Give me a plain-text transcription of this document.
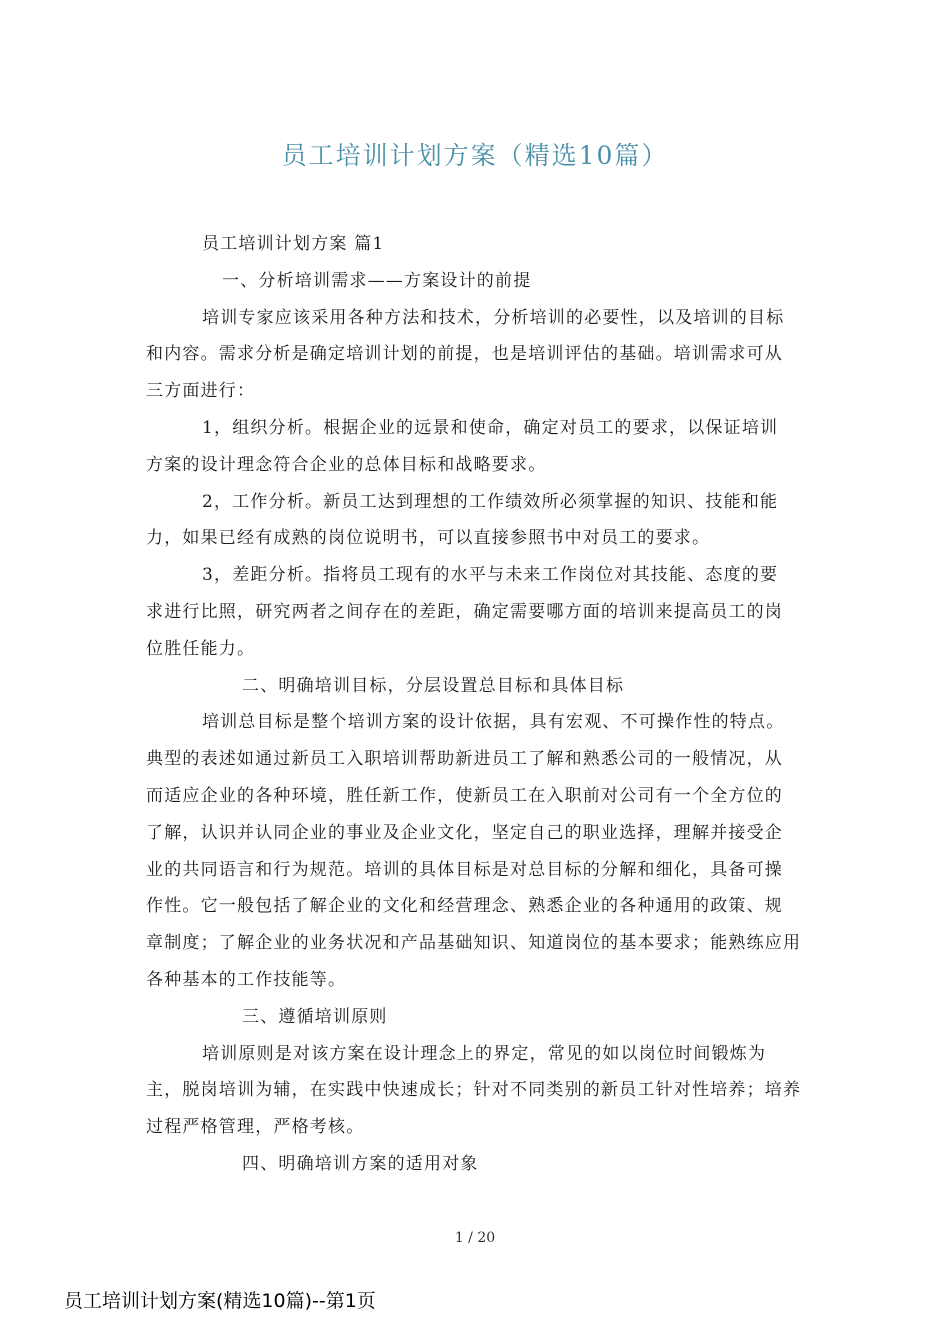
员工培训计划方案（精选10篇）
员工培训计划方案 篇1
一、分析培训需求——方案设计的前提
培训专家应该采用各种方法和技术，分析培训的必要性，以及培训的目标
和内容。需求分析是确定培训计划的前提，也是培训评估的基础。培训需求可从
三方面进行：
1，组织分析。根据企业的远景和使命，确定对员工的要求，以保证培训
方案的设计理念符合企业的总体目标和战略要求。
2，工作分析。新员工达到理想的工作绩效所必须掌握的知识、技能和能
力，如果已经有成熟的岗位说明书，可以直接参照书中对员工的要求。
3，差距分析。指将员工现有的水平与未来工作岗位对其技能、态度的要
求进行比照，研究两者之间存在的差距，确定需要哪方面的培训来提高员工的岗
位胜任能力。
二、明确培训目标，分层设置总目标和具体目标
培训总目标是整个培训方案的设计依据，具有宏观、不可操作性的特点。
典型的表述如通过新员工入职培训帮助新进员工了解和熟悉公司的一般情况，从
而适应企业的各种环境，胜任新工作，使新员工在入职前对公司有一个全方位的
了解，认识并认同企业的事业及企业文化，坚定自己的职业选择，理解并接受企
业的共同语言和行为规范。培训的具体目标是对总目标的分解和细化，具备可操
作性。它一般包括了解企业的文化和经营理念、熟悉企业的各种通用的政策、规
章制度；了解企业的业务状况和产品基础知识、知道岗位的基本要求；能熟练应用
各种基本的工作技能等。
三、遵循培训原则
培训原则是对该方案在设计理念上的界定，常见的如以岗位时间锻炼为
主，脱岗培训为辅，在实践中快速成长；针对不同类别的新员工针对性培养；培养
过程严格管理，严格考核。
四、明确培训方案的适用对象
1 / 20
员工培训计划方案(精选10篇)--第1页
